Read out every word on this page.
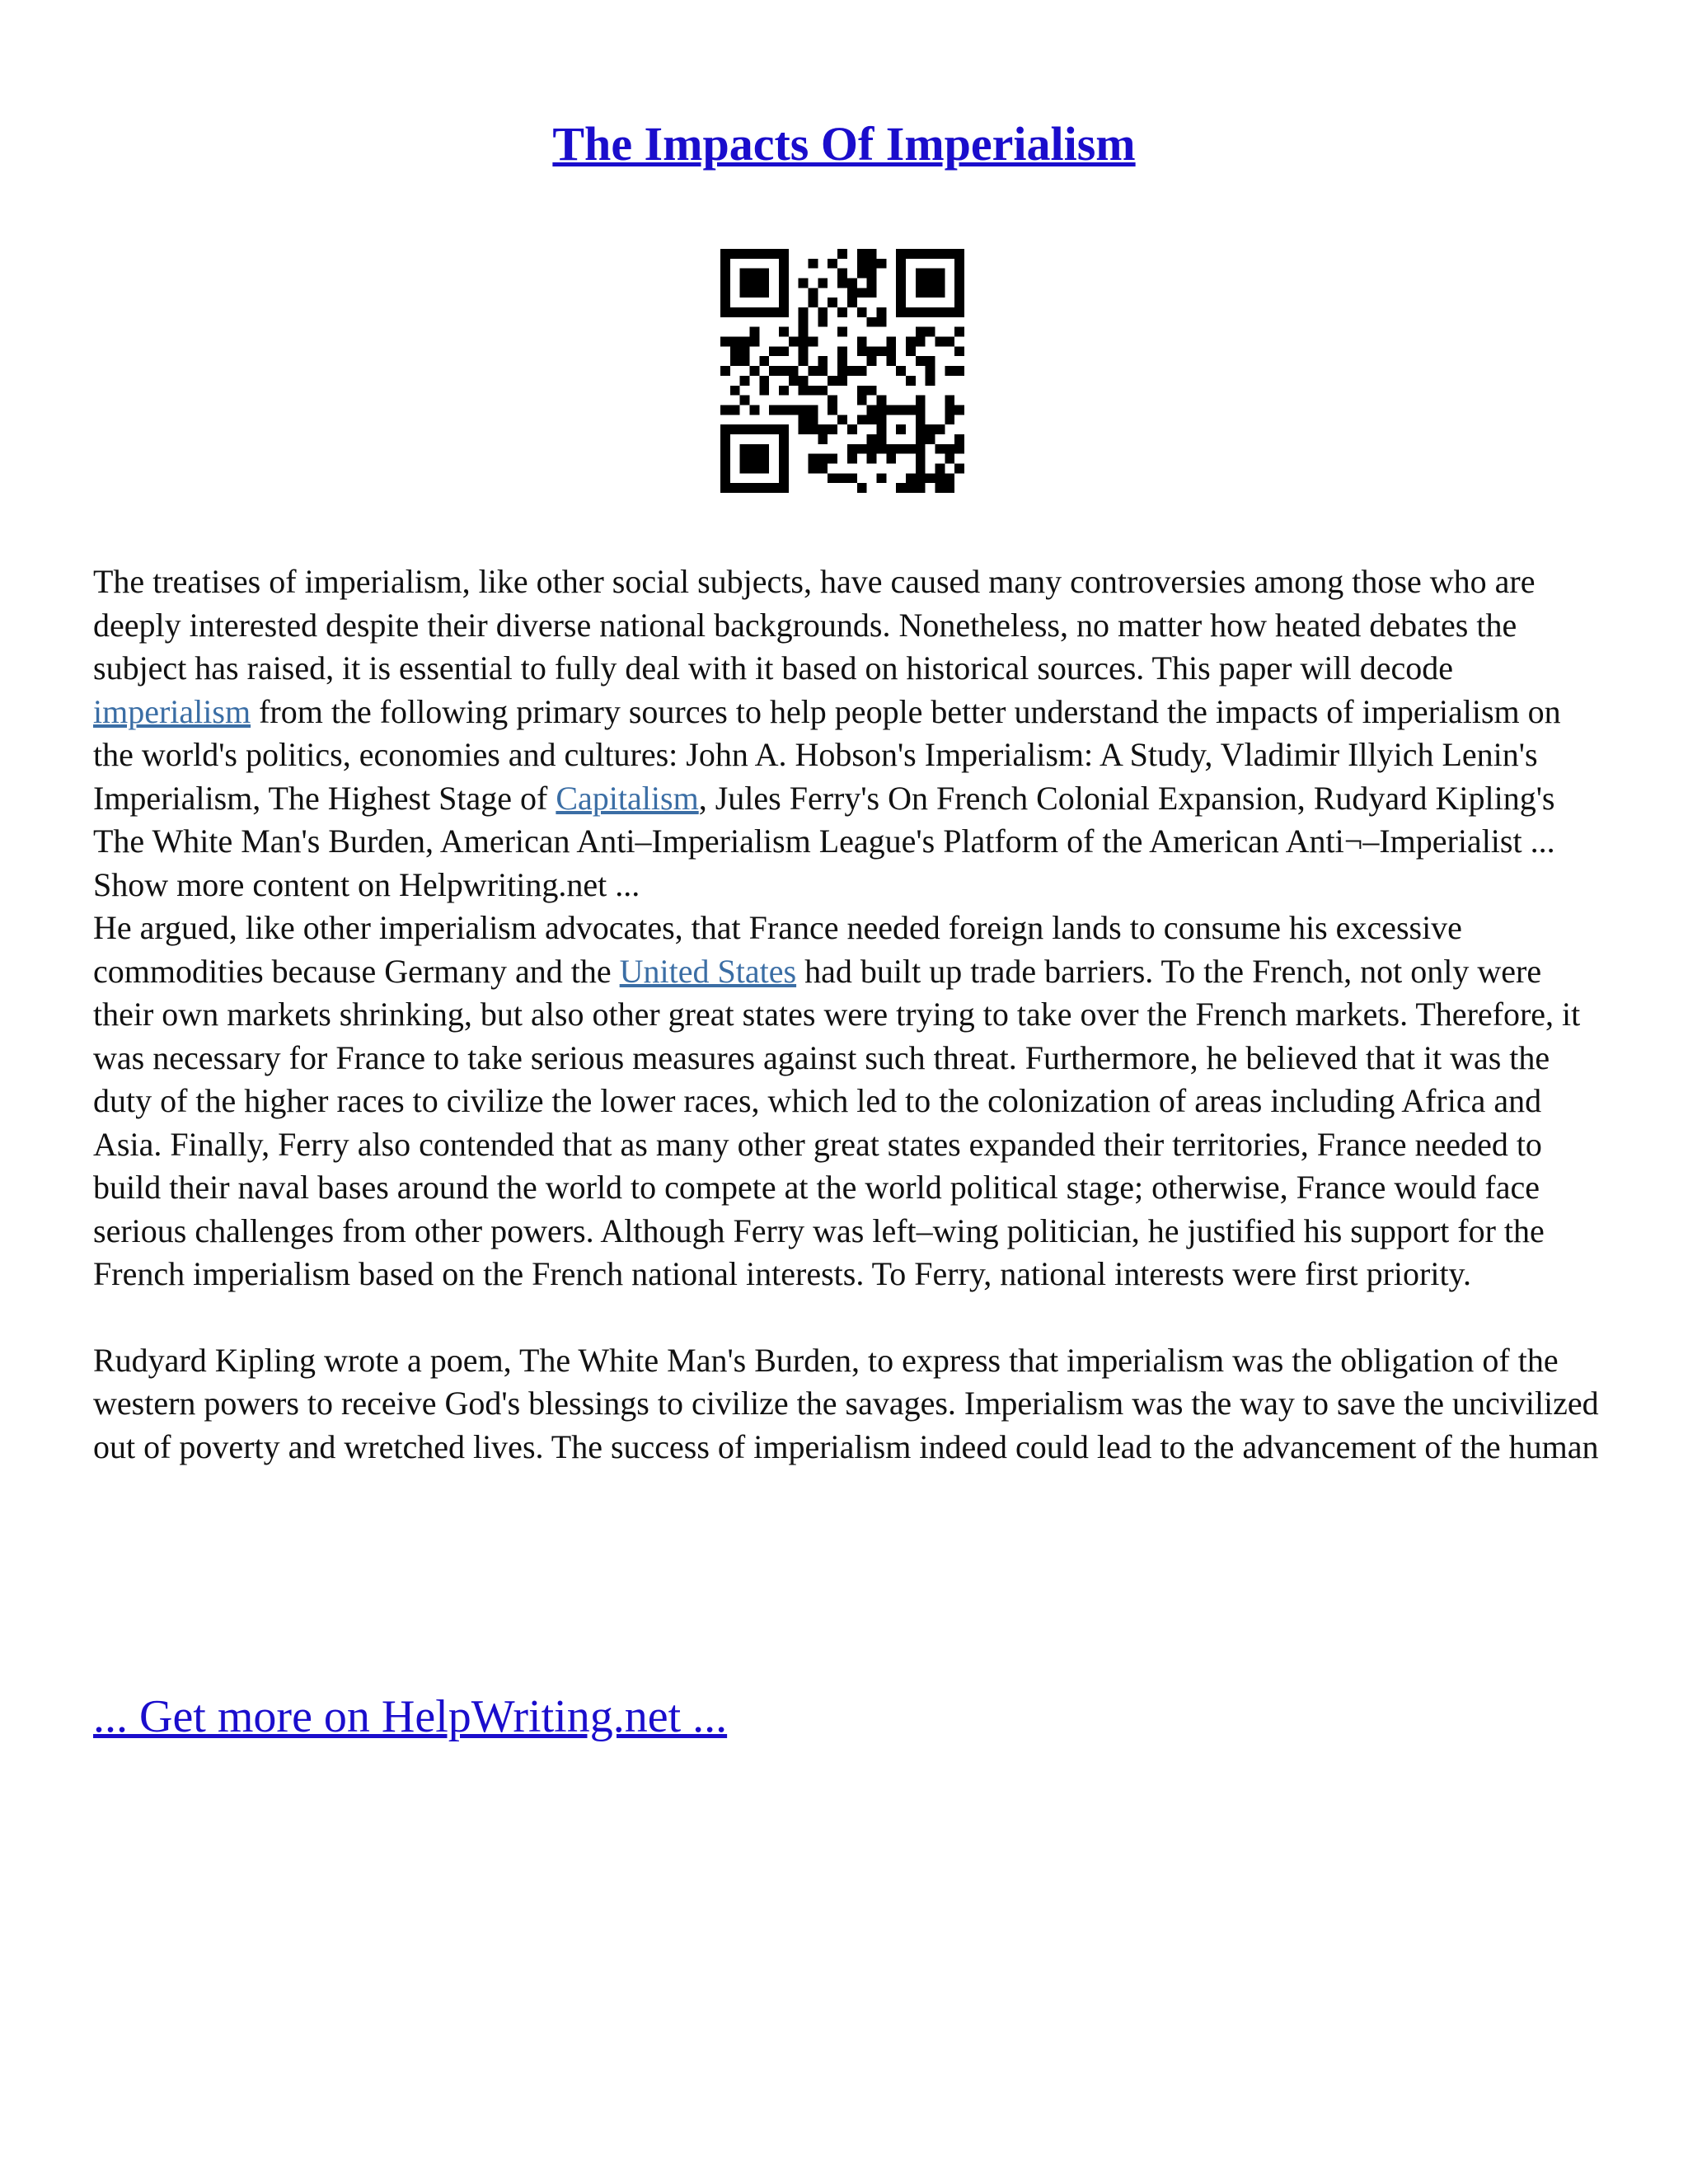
The Impacts Of Imperialism

The treatises of imperialism, like other social subjects, have caused many controversies among those who are deeply interested despite their diverse national backgrounds. Nonetheless, no matter how heated debates the subject has raised, it is essential to fully deal with it based on historical sources. This paper will decode imperialism from the following primary sources to help people better understand the impacts of imperialism on the world's politics, economies and cultures: John A. Hobson's Imperialism: A Study, Vladimir Illyich Lenin's Imperialism, The Highest Stage of Capitalism, Jules Ferry's On French Colonial Expansion, Rudyard Kipling's The White Man's Burden, American Anti–Imperialism League's Platform of the American Anti¬–Imperialist ... Show more content on Helpwriting.net ...

He argued, like other imperialism advocates, that France needed foreign lands to consume his excessive commodities because Germany and the United States had built up trade barriers. To the French, not only were their own markets shrinking, but also other great states were trying to take over the French markets. Therefore, it was necessary for France to take serious measures against such threat. Furthermore, he believed that it was the duty of the higher races to civilize the lower races, which led to the colonization of areas including Africa and Asia. Finally, Ferry also contended that as many other great states expanded their territories, France needed to build their naval bases around the world to compete at the world political stage; otherwise, France would face serious challenges from other powers. Although Ferry was left–wing politician, he justified his support for the French imperialism based on the French national interests. To Ferry, national interests were first priority.

Rudyard Kipling wrote a poem, The White Man's Burden, to express that imperialism was the obligation of the western powers to receive God's blessings to civilize the savages. Imperialism was the way to save the uncivilized out of poverty and wretched lives. The success of imperialism indeed could lead to the advancement of the human

... Get more on HelpWriting.net ...
